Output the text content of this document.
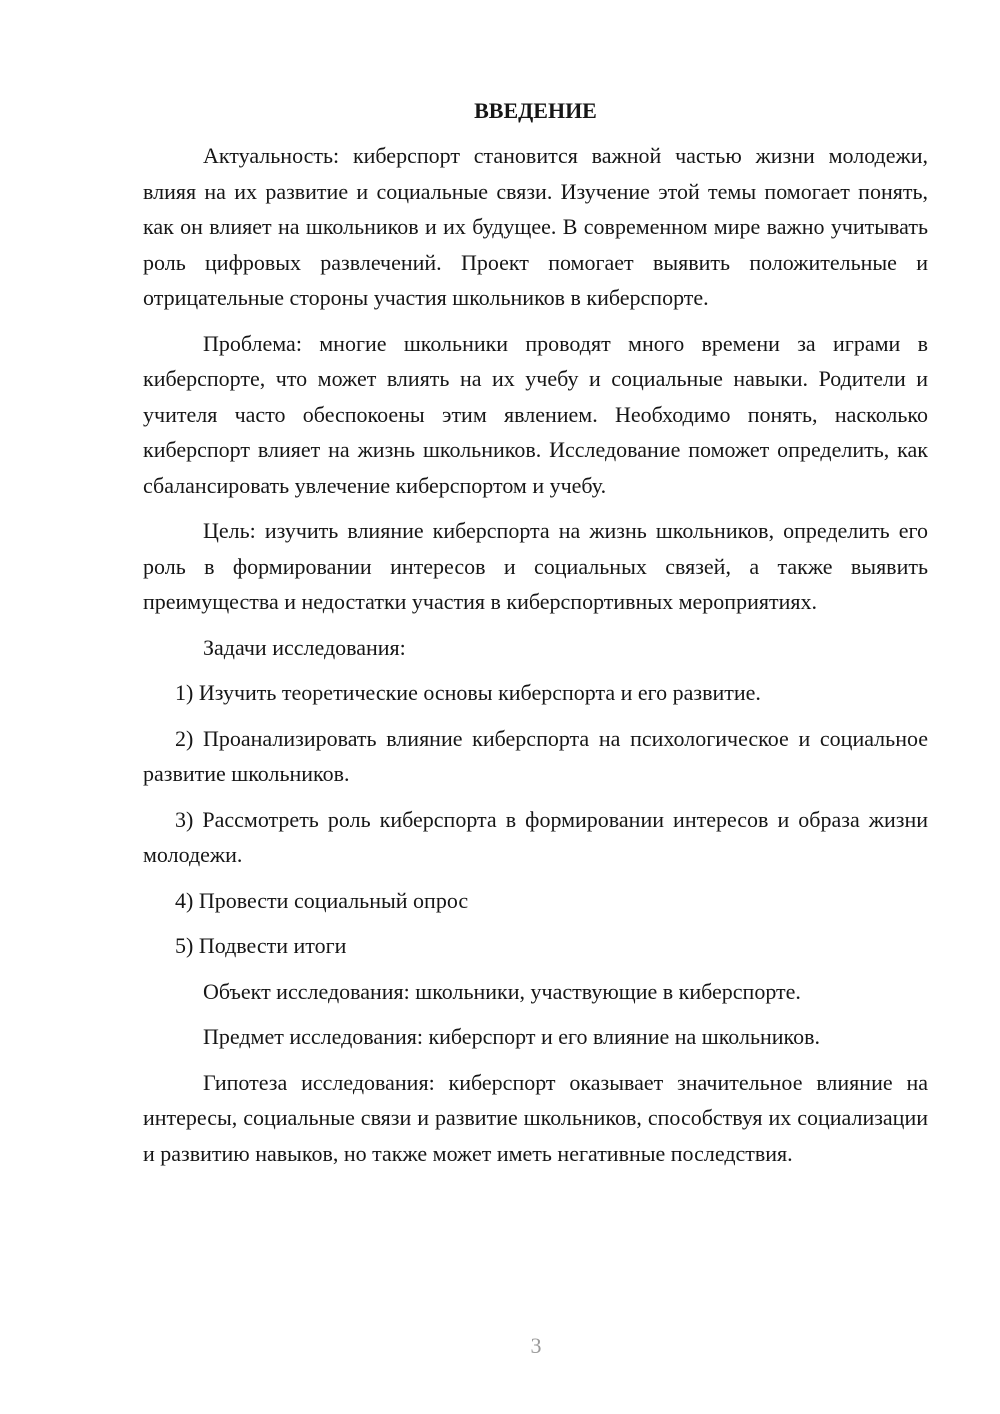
ВВЕДЕНИЕ

Актуальность: киберспорт становится важной частью жизни молодежи, влияя на их развитие и социальные связи. Изучение этой темы помогает понять, как он влияет на школьников и их будущее. В современном мире важно учитывать роль цифровых развлечений. Проект помогает выявить положительные и отрицательные стороны участия школьников в киберспорте.

Проблема: многие школьники проводят много времени за играми в киберспорте, что может влиять на их учебу и социальные навыки. Родители и учителя часто обеспокоены этим явлением. Необходимо понять, насколько киберспорт влияет на жизнь школьников. Исследование поможет определить, как сбалансировать увлечение киберспортом и учебу.

Цель: изучить влияние киберспорта на жизнь школьников, определить его роль в формировании интересов и социальных связей, а также выявить преимущества и недостатки участия в киберспортивных мероприятиях.

Задачи исследования:

1) Изучить теоретические основы киберспорта и его развитие.

2) Проанализировать влияние киберспорта на психологическое и социальное развитие школьников.

3) Рассмотреть роль киберспорта в формировании интересов и образа жизни молодежи.

4) Провести социальный опрос

5) Подвести итоги

Объект исследования: школьники, участвующие в киберспорте.

Предмет исследования: киберспорт и его влияние на школьников.

Гипотеза исследования: киберспорт оказывает значительное влияние на интересы, социальные связи и развитие школьников, способствуя их социализации и развитию навыков, но также может иметь негативные последствия.

3
